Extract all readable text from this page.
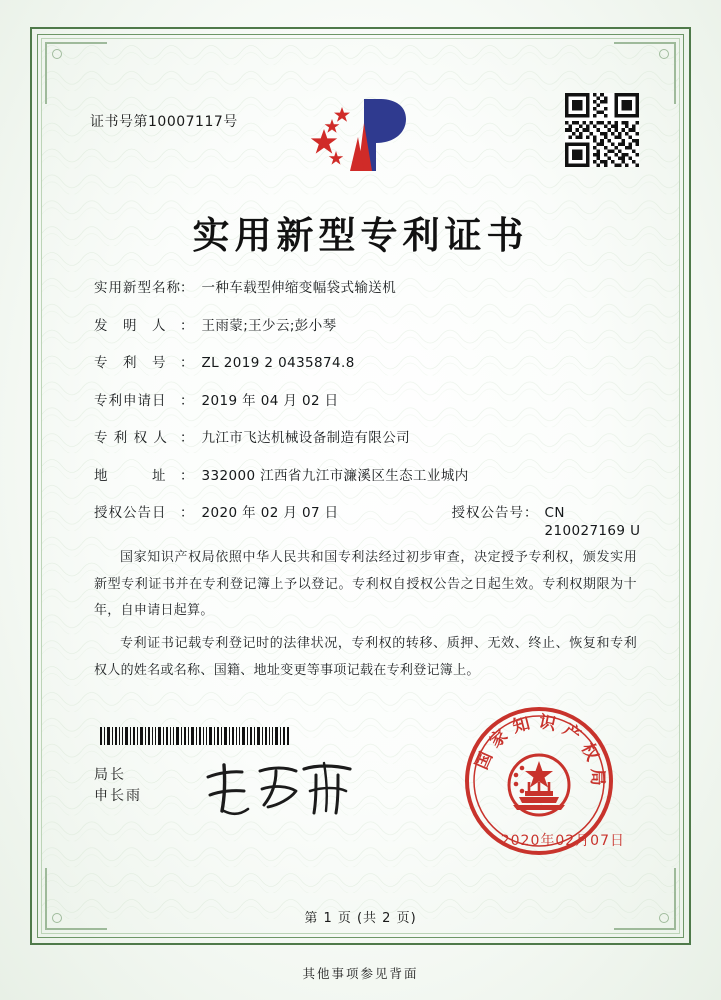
证书号第10007117号
实用新型专利证书
实用新型名称 ： 一种车载型伸缩变幅袋式输送机
发　明　人	： 王雨蒙;王少云;彭小琴
专　利　号	： ZL 2019 2 0435874.8
专利申请日	： 2019 年 04 月 02 日
专 利 权 人 ： 九江市飞达机械设备制造有限公司
地　　　址	： 332000 江西省九江市濂溪区生态工业城内
授权公告日	： 2020 年 02 月 07 日	授权公告号： CN 210027169 U

国家知识产权局依照中华人民共和国专利法经过初步审查，决定授予专利权，颁发实用新型专利证书并在专利登记簿上予以登记。专利权自授权公告之日起生效。专利权期限为十年，自申请日起算。

专利证书记载专利登记时的法律状况，专利权的转移、质押、无效、终止、恢复和专利权人的姓名或名称、国籍、地址变更等事项记载在专利登记簿上。

局长
申长雨
国家知识产权局
2020年02月07日
第 1 页 (共 2 页)
其他事项参见背面
